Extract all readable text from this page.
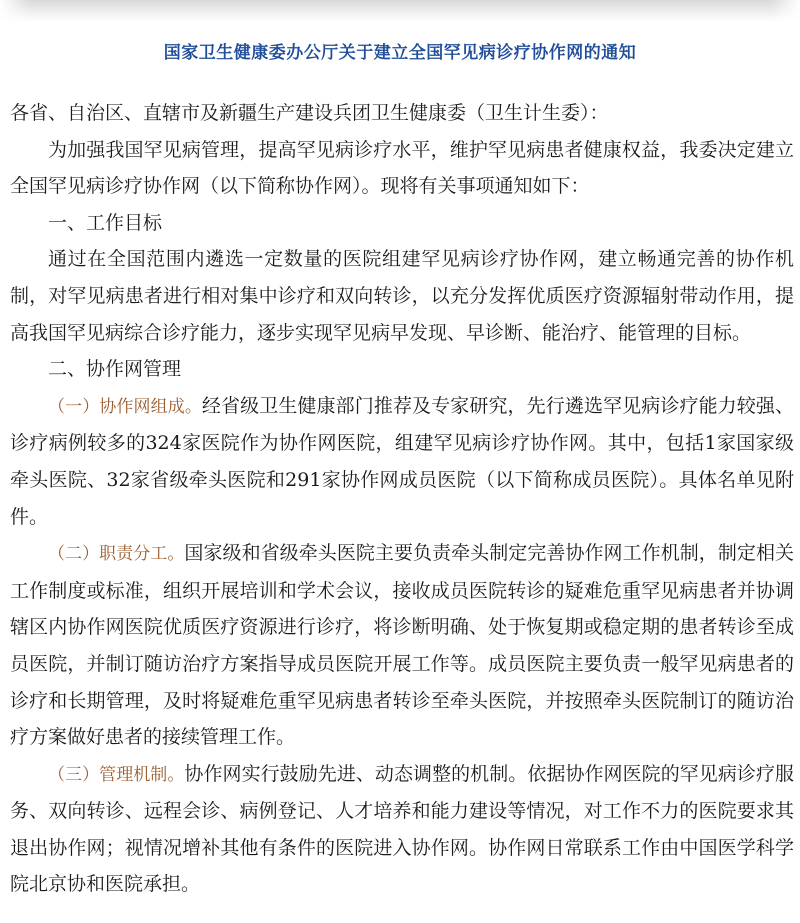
国家卫生健康委办公厅关于建立全国罕见病诊疗协作网的通知

各省、自治区、直辖市及新疆生产建设兵团卫生健康委（卫生计生委）：

为加强我国罕见病管理，提高罕见病诊疗水平，维护罕见病患者健康权益，我委决定建立全国罕见病诊疗协作网（以下简称协作网）。现将有关事项通知如下：

一、工作目标

通过在全国范围内遴选一定数量的医院组建罕见病诊疗协作网，建立畅通完善的协作机制，对罕见病患者进行相对集中诊疗和双向转诊，以充分发挥优质医疗资源辐射带动作用，提高我国罕见病综合诊疗能力，逐步实现罕见病早发现、早诊断、能治疗、能管理的目标。

二、协作网管理

（一）协作网组成。经省级卫生健康部门推荐及专家研究，先行遴选罕见病诊疗能力较强、诊疗病例较多的324家医院作为协作网医院，组建罕见病诊疗协作网。其中，包括1家国家级牵头医院、32家省级牵头医院和291家协作网成员医院（以下简称成员医院）。具体名单见附件。

（二）职责分工。国家级和省级牵头医院主要负责牵头制定完善协作网工作机制，制定相关工作制度或标准，组织开展培训和学术会议，接收成员医院转诊的疑难危重罕见病患者并协调辖区内协作网医院优质医疗资源进行诊疗，将诊断明确、处于恢复期或稳定期的患者转诊至成员医院，并制订随访治疗方案指导成员医院开展工作等。成员医院主要负责一般罕见病患者的诊疗和长期管理，及时将疑难危重罕见病患者转诊至牵头医院，并按照牵头医院制订的随访治疗方案做好患者的接续管理工作。

（三）管理机制。协作网实行鼓励先进、动态调整的机制。依据协作网医院的罕见病诊疗服务、双向转诊、远程会诊、病例登记、人才培养和能力建设等情况，对工作不力的医院要求其退出协作网；视情况增补其他有条件的医院进入协作网。协作网日常联系工作由中国医学科学院北京协和医院承担。
